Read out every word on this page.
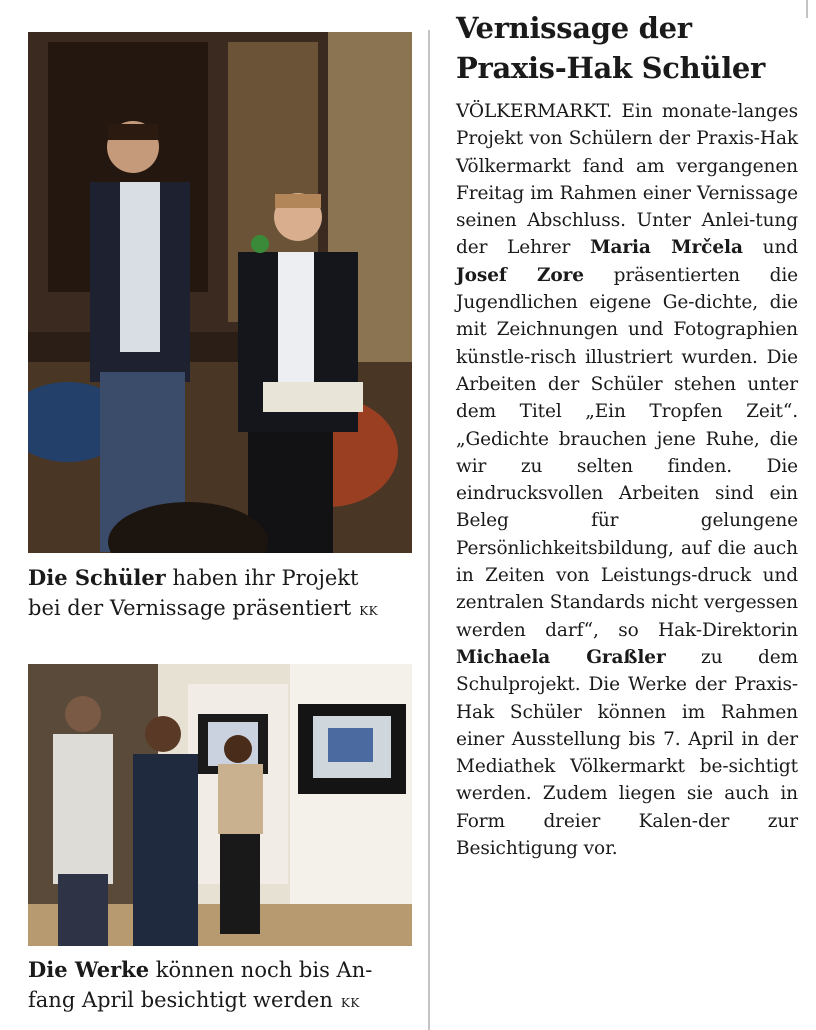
Die Schüler haben ihr Projekt
bei der Vernissage präsentiert KK
Die Werke können noch bis An-
fang April besichtigt werden KK
Vernissage der
Praxis-Hak Schüler
VÖLKERMARKT. Ein monate-langes Projekt von Schülern der Praxis-Hak Völkermarkt fand am vergangenen Freitag im Rahmen einer Vernissage seinen Abschluss. Unter Anlei-tung der Lehrer Maria Mrčela und Josef Zore präsentierten die Jugendlichen eigene Ge-dichte, die mit Zeichnungen und Fotographien künstle-risch illustriert wurden. Die Arbeiten der Schüler stehen unter dem Titel „Ein Tropfen Zeit“. „Gedichte brauchen jene Ruhe, die wir zu selten finden. Die eindrucksvollen Arbeiten sind ein Beleg für gelungene Persönlichkeitsbildung, auf die auch in Zeiten von Leistungs-druck und zentralen Standards nicht vergessen werden darf“, so Hak-Direktorin Michaela Graßler zu dem Schulprojekt. Die Werke der Praxis-Hak Schüler können im Rahmen einer Ausstellung bis 7. April in der Mediathek Völkermarkt be-sichtigt werden. Zudem liegen sie auch in Form dreier Kalen-der zur Besichtigung vor.
